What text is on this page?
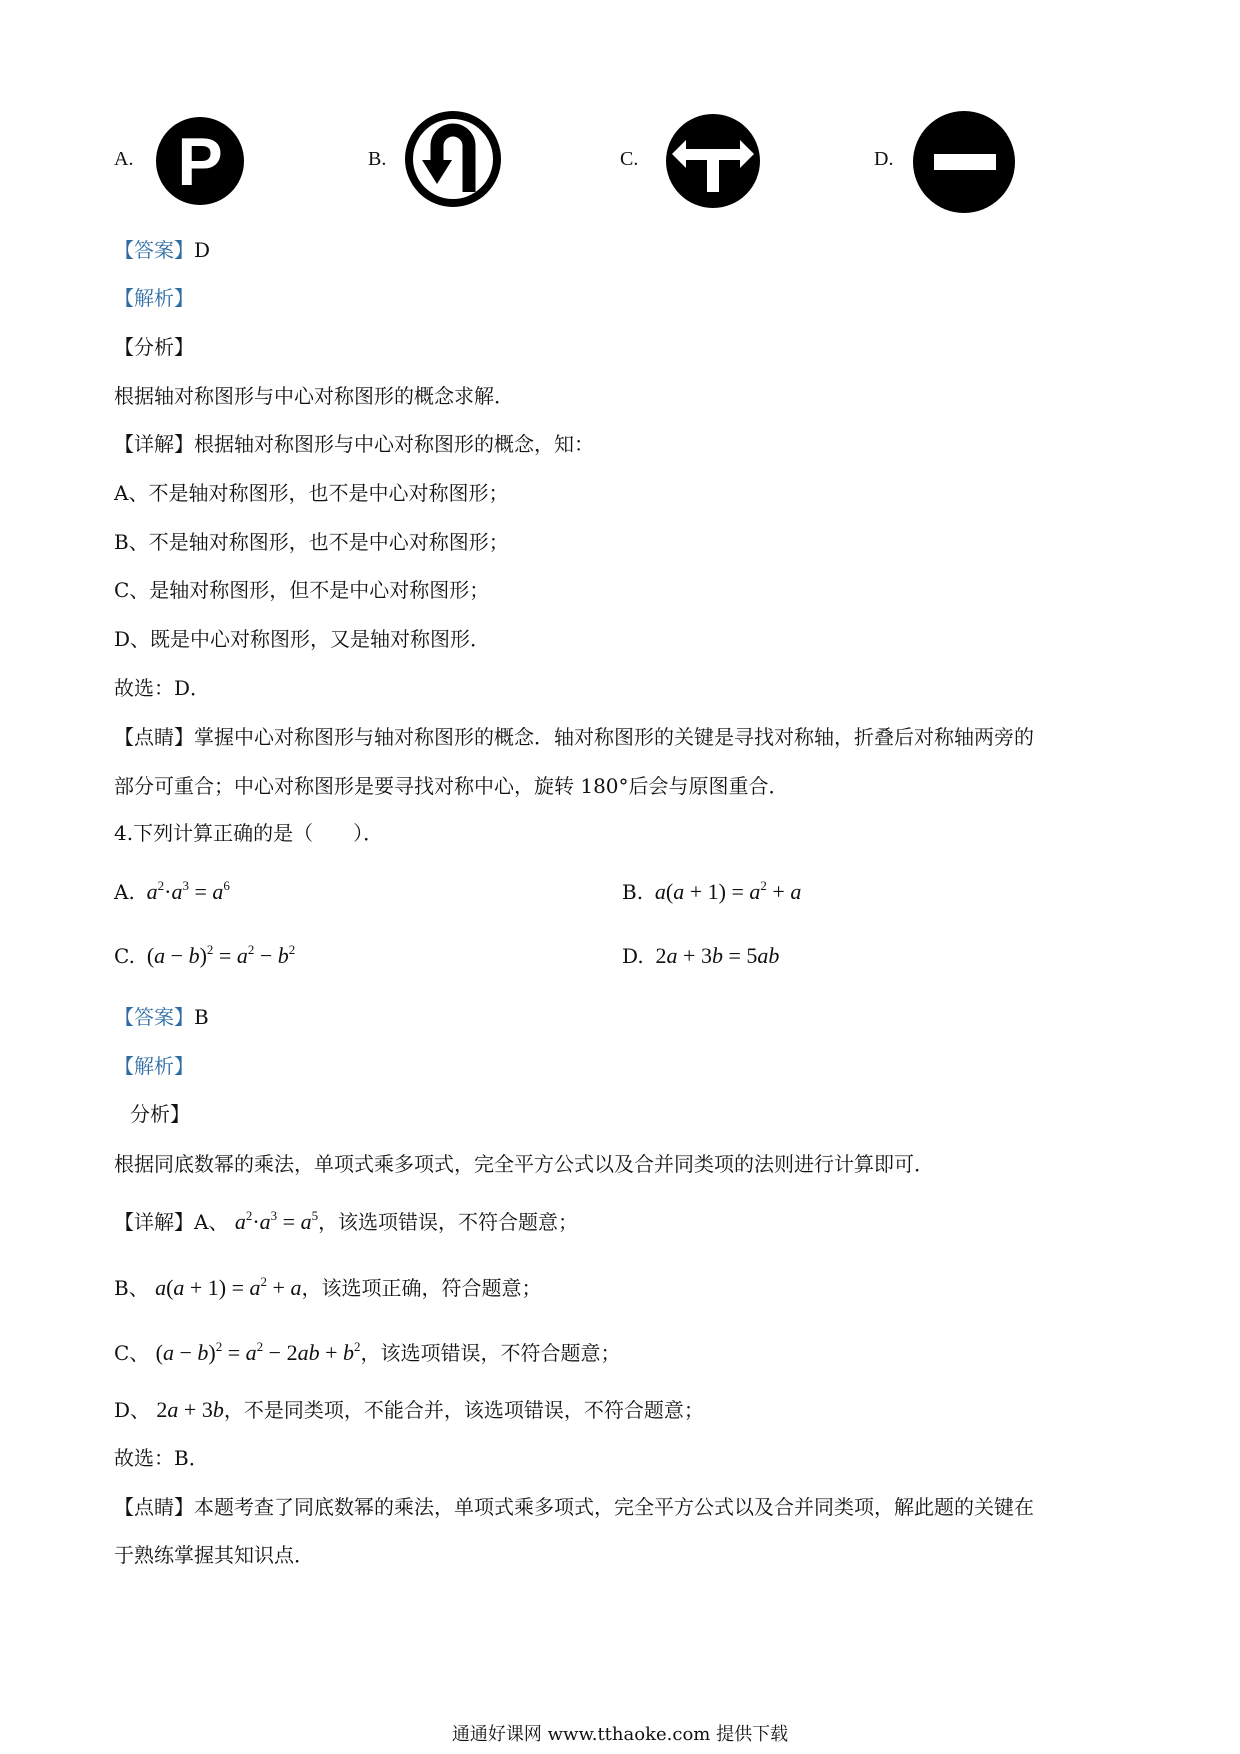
A. P	B.	C.	D.
【答案】D
【解析】
【分析】
根据轴对称图形与中心对称图形的概念求解．
【详解】根据轴对称图形与中心对称图形的概念，知：
A、不是轴对称图形，也不是中心对称图形；
B、不是轴对称图形，也不是中心对称图形；
C、是轴对称图形，但不是中心对称图形；
D、既是中心对称图形，又是轴对称图形．
故选：D．
【点睛】掌握中心对称图形与轴对称图形的概念．轴对称图形的关键是寻找对称轴，折叠后对称轴两旁的
部分可重合；中心对称图形是要寻找对称中心，旋转 180°后会与原图重合．
4.下列计算正确的是（　　）．
A. $a^2\cdot a^3 = a^6$	B. $a(a + 1) = a^2 + a$
C.  $(a - b)^2 = a^2 - b^2$	D.  2a + 3b = 5ab
【答案】B
【解析】
分析】
根据同底数幂的乘法，单项式乘多项式，完全平方公式以及合并同类项的法则进行计算即可．
【详解】A、 $a^2\cdot a^3 = a^5$，该选项错误，不符合题意；
B、 $a(a + 1) = a^2 + a$，该选项正确，符合题意；
C、 $(a - b)^2 = a^2 - 2ab + b^2$，该选项错误，不符合题意；
D、 2a + 3b，不是同类项，不能合并，该选项错误，不符合题意；
故选：B．
【点睛】本题考查了同底数幂的乘法，单项式乘多项式，完全平方公式以及合并同类项，解此题的关键在
于熟练掌握其知识点．
通通好课网 www.tthaoke.com 提供下载
